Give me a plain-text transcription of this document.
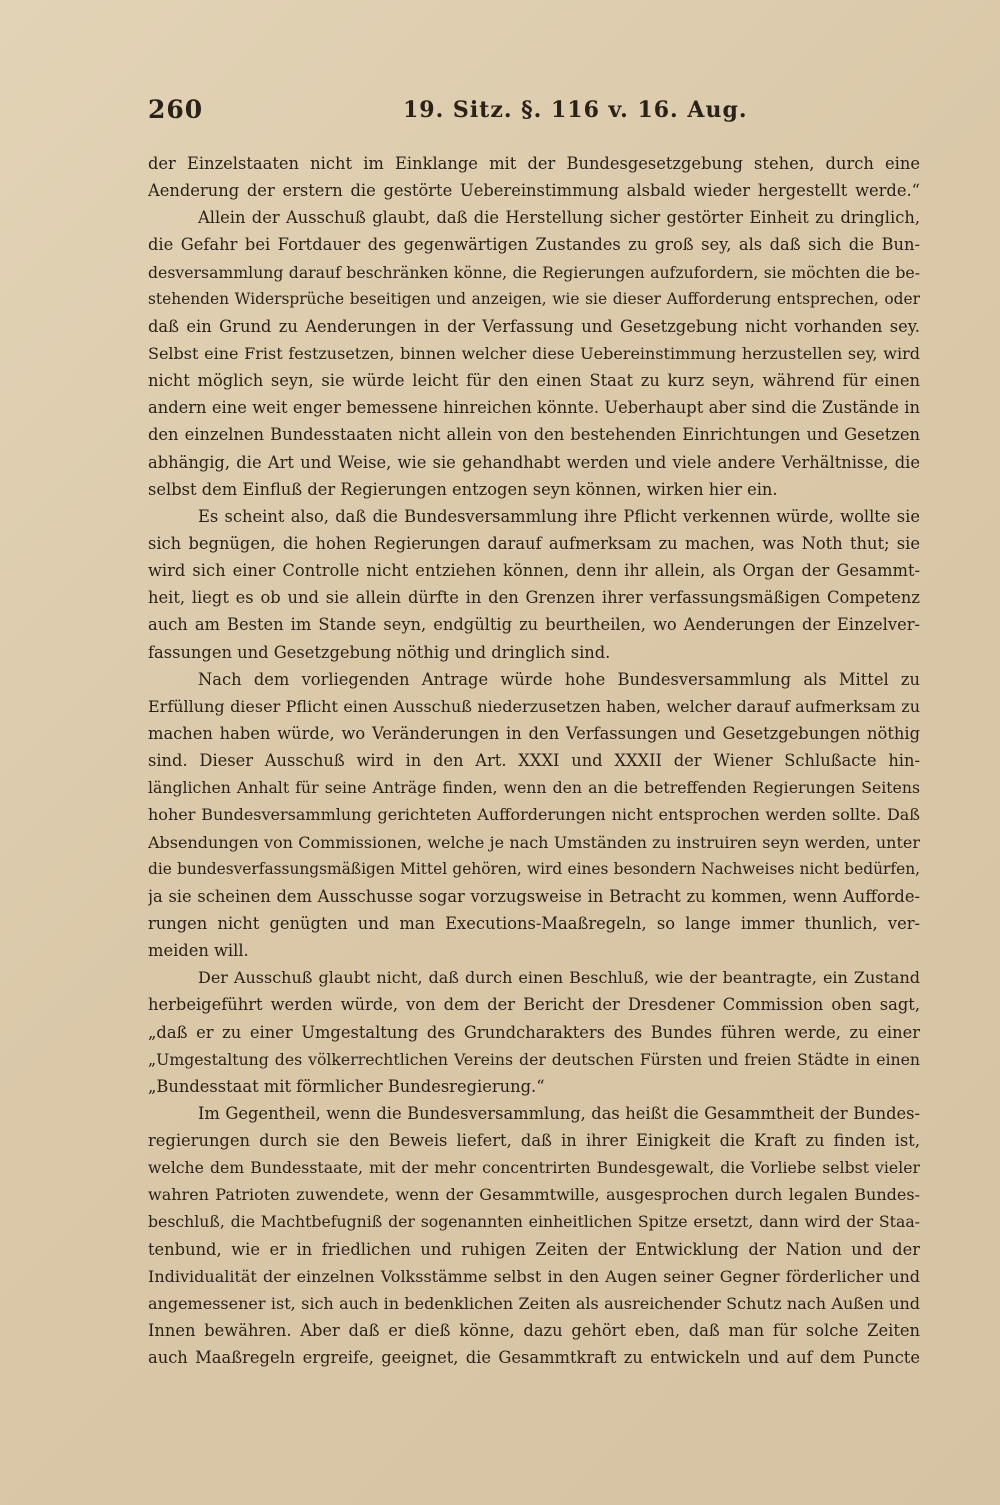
260	19. Sitz. §. 116 v. 16. Aug.
der Einzelstaaten nicht im Einklange mit der Bundesgesetzgebung stehen, durch eine
Aenderung der erstern die gestörte Uebereinstimmung alsbald wieder hergestellt werde.“
Allein der Ausschuß glaubt, daß die Herstellung sicher gestörter Einheit zu dringlich,
die Gefahr bei Fortdauer des gegenwärtigen Zustandes zu groß sey, als daß sich die Bun-
desversammlung darauf beschränken könne, die Regierungen aufzufordern, sie möchten die be-
stehenden Widersprüche beseitigen und anzeigen, wie sie dieser Aufforderung entsprechen, oder
daß ein Grund zu Aenderungen in der Verfassung und Gesetzgebung nicht vorhanden sey.
Selbst eine Frist festzusetzen, binnen welcher diese Uebereinstimmung herzustellen sey, wird
nicht möglich seyn, sie würde leicht für den einen Staat zu kurz seyn, während für einen
andern eine weit enger bemessene hinreichen könnte. Ueberhaupt aber sind die Zustände in
den einzelnen Bundesstaaten nicht allein von den bestehenden Einrichtungen und Gesetzen
abhängig, die Art und Weise, wie sie gehandhabt werden und viele andere Verhältnisse, die
selbst dem Einfluß der Regierungen entzogen seyn können, wirken hier ein.
Es scheint also, daß die Bundesversammlung ihre Pflicht verkennen würde, wollte sie
sich begnügen, die hohen Regierungen darauf aufmerksam zu machen, was Noth thut; sie
wird sich einer Controlle nicht entziehen können, denn ihr allein, als Organ der Gesammt-
heit, liegt es ob und sie allein dürfte in den Grenzen ihrer verfassungsmäßigen Competenz
auch am Besten im Stande seyn, endgültig zu beurtheilen, wo Aenderungen der Einzelver-
fassungen und Gesetzgebung nöthig und dringlich sind.
Nach dem vorliegenden Antrage würde hohe Bundesversammlung als Mittel zu
Erfüllung dieser Pflicht einen Ausschuß niederzusetzen haben, welcher darauf aufmerksam zu
machen haben würde, wo Veränderungen in den Verfassungen und Gesetzgebungen nöthig
sind. Dieser Ausschuß wird in den Art. XXXI und XXXII der Wiener Schlußacte hin-
länglichen Anhalt für seine Anträge finden, wenn den an die betreffenden Regierungen Seitens
hoher Bundesversammlung gerichteten Aufforderungen nicht entsprochen werden sollte. Daß
Absendungen von Commissionen, welche je nach Umständen zu instruiren seyn werden, unter
die bundesverfassungsmäßigen Mittel gehören, wird eines besondern Nachweises nicht bedürfen,
ja sie scheinen dem Ausschusse sogar vorzugsweise in Betracht zu kommen, wenn Aufforde-
rungen nicht genügten und man Executions-Maaßregeln, so lange immer thunlich, ver-
meiden will.
Der Ausschuß glaubt nicht, daß durch einen Beschluß, wie der beantragte, ein Zustand
herbeigeführt werden würde, von dem der Bericht der Dresdener Commission oben sagt,
„daß er zu einer Umgestaltung des Grundcharakters des Bundes führen werde, zu einer
„Umgestaltung des völkerrechtlichen Vereins der deutschen Fürsten und freien Städte in einen
„Bundesstaat mit förmlicher Bundesregierung.“
Im Gegentheil, wenn die Bundesversammlung, das heißt die Gesammtheit der Bundes-
regierungen durch sie den Beweis liefert, daß in ihrer Einigkeit die Kraft zu finden ist,
welche dem Bundesstaate, mit der mehr concentrirten Bundesgewalt, die Vorliebe selbst vieler
wahren Patrioten zuwendete, wenn der Gesammtwille, ausgesprochen durch legalen Bundes-
beschluß, die Machtbefugniß der sogenannten einheitlichen Spitze ersetzt, dann wird der Staa-
tenbund, wie er in friedlichen und ruhigen Zeiten der Entwicklung der Nation und der
Individualität der einzelnen Volksstämme selbst in den Augen seiner Gegner förderlicher und
angemessener ist, sich auch in bedenklichen Zeiten als ausreichender Schutz nach Außen und
Innen bewähren. Aber daß er dieß könne, dazu gehört eben, daß man für solche Zeiten
auch Maaßregeln ergreife, geeignet, die Gesammtkraft zu entwickeln und auf dem Puncte
